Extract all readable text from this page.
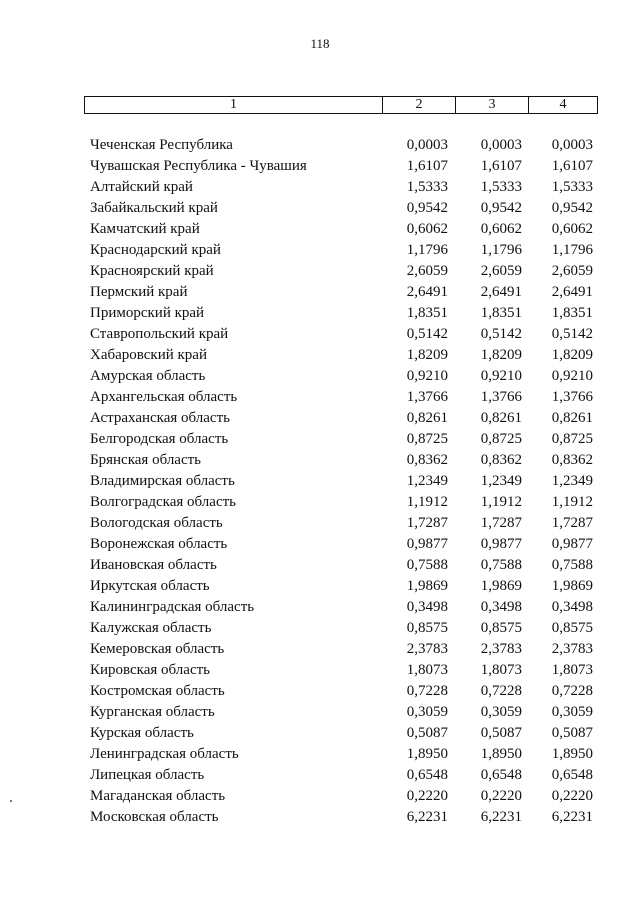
118
1	2	3	4
Чеченская Республика	0,0003	0,0003	0,0003
Чувашская Республика - Чувашия	1,6107	1,6107	1,6107
Алтайский край	1,5333	1,5333	1,5333
Забайкальский край	0,9542	0,9542	0,9542
Камчатский край	0,6062	0,6062	0,6062
Краснодарский край	1,1796	1,1796	1,1796
Красноярский край	2,6059	2,6059	2,6059
Пермский край	2,6491	2,6491	2,6491
Приморский край	1,8351	1,8351	1,8351
Ставропольский край	0,5142	0,5142	0,5142
Хабаровский край	1,8209	1,8209	1,8209
Амурская область	0,9210	0,9210	0,9210
Архангельская область	1,3766	1,3766	1,3766
Астраханская область	0,8261	0,8261	0,8261
Белгородская область	0,8725	0,8725	0,8725
Брянская область	0,8362	0,8362	0,8362
Владимирская область	1,2349	1,2349	1,2349
Волгоградская область	1,1912	1,1912	1,1912
Вологодская область	1,7287	1,7287	1,7287
Воронежская область	0,9877	0,9877	0,9877
Ивановская область	0,7588	0,7588	0,7588
Иркутская область	1,9869	1,9869	1,9869
Калининградская область	0,3498	0,3498	0,3498
Калужская область	0,8575	0,8575	0,8575
Кемеровская область	2,3783	2,3783	2,3783
Кировская область	1,8073	1,8073	1,8073
Костромская область	0,7228	0,7228	0,7228
Курганская область	0,3059	0,3059	0,3059
Курская область	0,5087	0,5087	0,5087
Ленинградская область	1,8950	1,8950	1,8950
Липецкая область	0,6548	0,6548	0,6548
Магаданская область	0,2220	0,2220	0,2220
Московская область	6,2231	6,2231	6,2231
